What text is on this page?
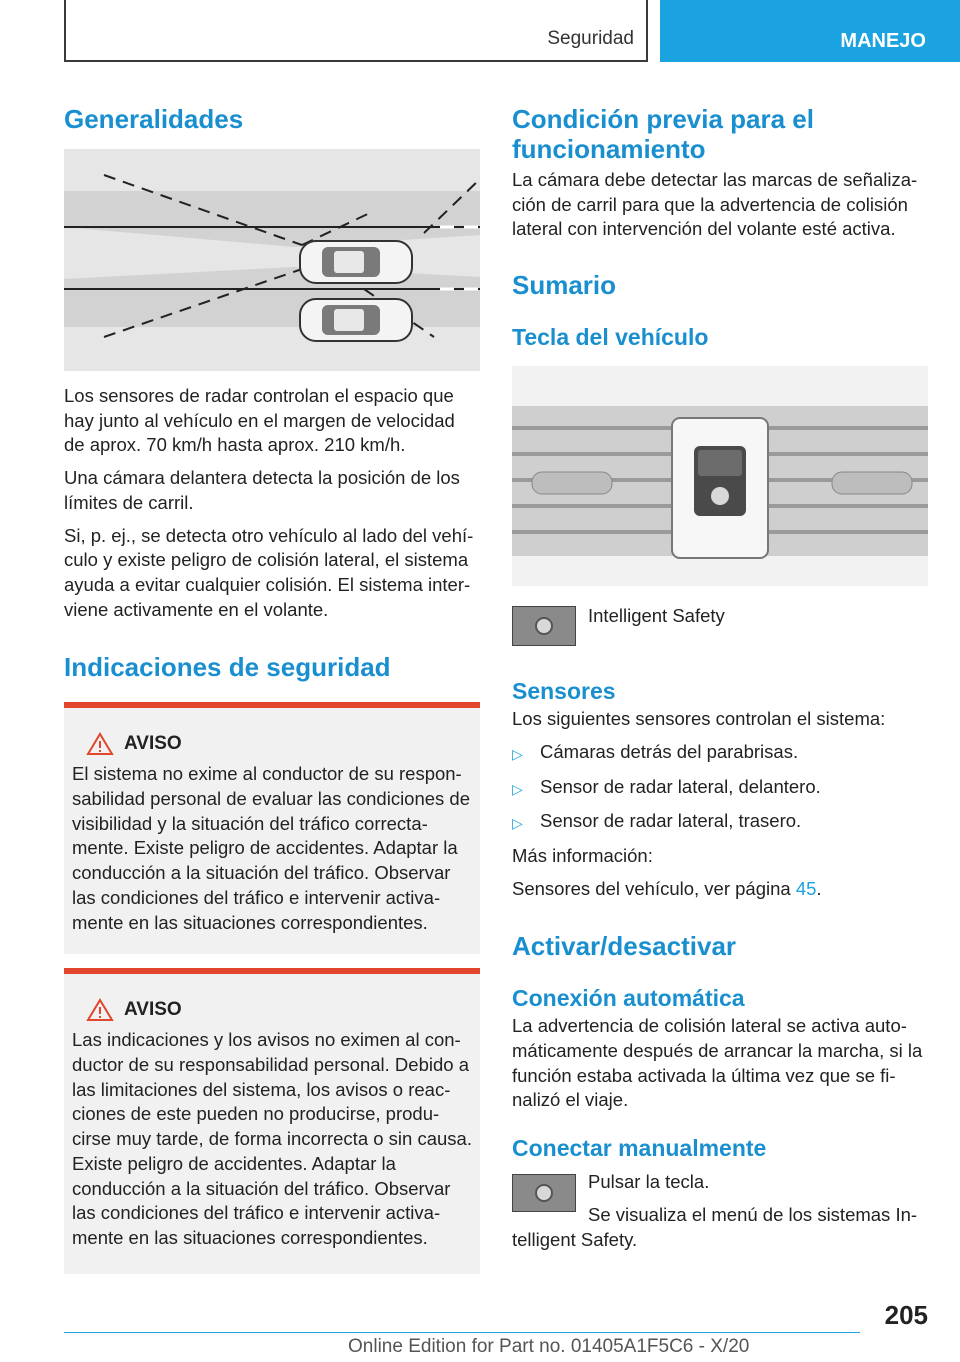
Seguridad	MANEJO
Generalidades

Los sensores de radar controlan el espacio que hay junto al vehículo en el margen de velocidad de aprox. 70 km/h hasta aprox. 210 km/h.

Una cámara delantera detecta la posición de los límites de carril.

Si, p. ej., se detecta otro vehículo al lado del vehí-culo y existe peligro de colisión lateral, el sistema ayuda a evitar cualquier colisión. El sistema inter-viene activamente en el volante.

Indicaciones de seguridad
AVISO

El sistema no exime al conductor de su respon-sabilidad personal de evaluar las condiciones de visibilidad y la situación del tráfico correcta-mente. Existe peligro de accidentes. Adaptar la conducción a la situación del tráfico. Observar las condiciones del tráfico e intervenir activa-mente en las situaciones correspondientes.

AVISO

Las indicaciones y los avisos no eximen al con-ductor de su responsabilidad personal. Debido a las limitaciones del sistema, los avisos o reac-ciones de este pueden no producirse, produ-cirse muy tarde, de forma incorrecta o sin causa. Existe peligro de accidentes. Adaptar la conducción a la situación del tráfico. Observar las condiciones del tráfico e intervenir activa-mente en las situaciones correspondientes.

Condición previa para el funcionamiento

La cámara debe detectar las marcas de señaliza-ción de carril para que la advertencia de colisión lateral con intervención del volante esté activa.

Sumario
Tecla del vehículo

Intelligent Safety

Sensores

Los siguientes sensores controlan el sistema:

▷ Cámaras detrás del parabrisas.
▷ Sensor de radar lateral, delantero.
▷ Sensor de radar lateral, trasero.

Más información:

Sensores del vehículo, ver página 45.

Activar/desactivar
Conexión automática

La advertencia de colisión lateral se activa auto-máticamente después de arrancar la marcha, si la función estaba activada la última vez que se fi-nalizó el viaje.

Conectar manualmente

Pulsar la tecla.

Se visualiza el menú de los sistemas In-

telligent Safety.

205
Online Edition for Part no. 01405A1F5C6 - X/20
